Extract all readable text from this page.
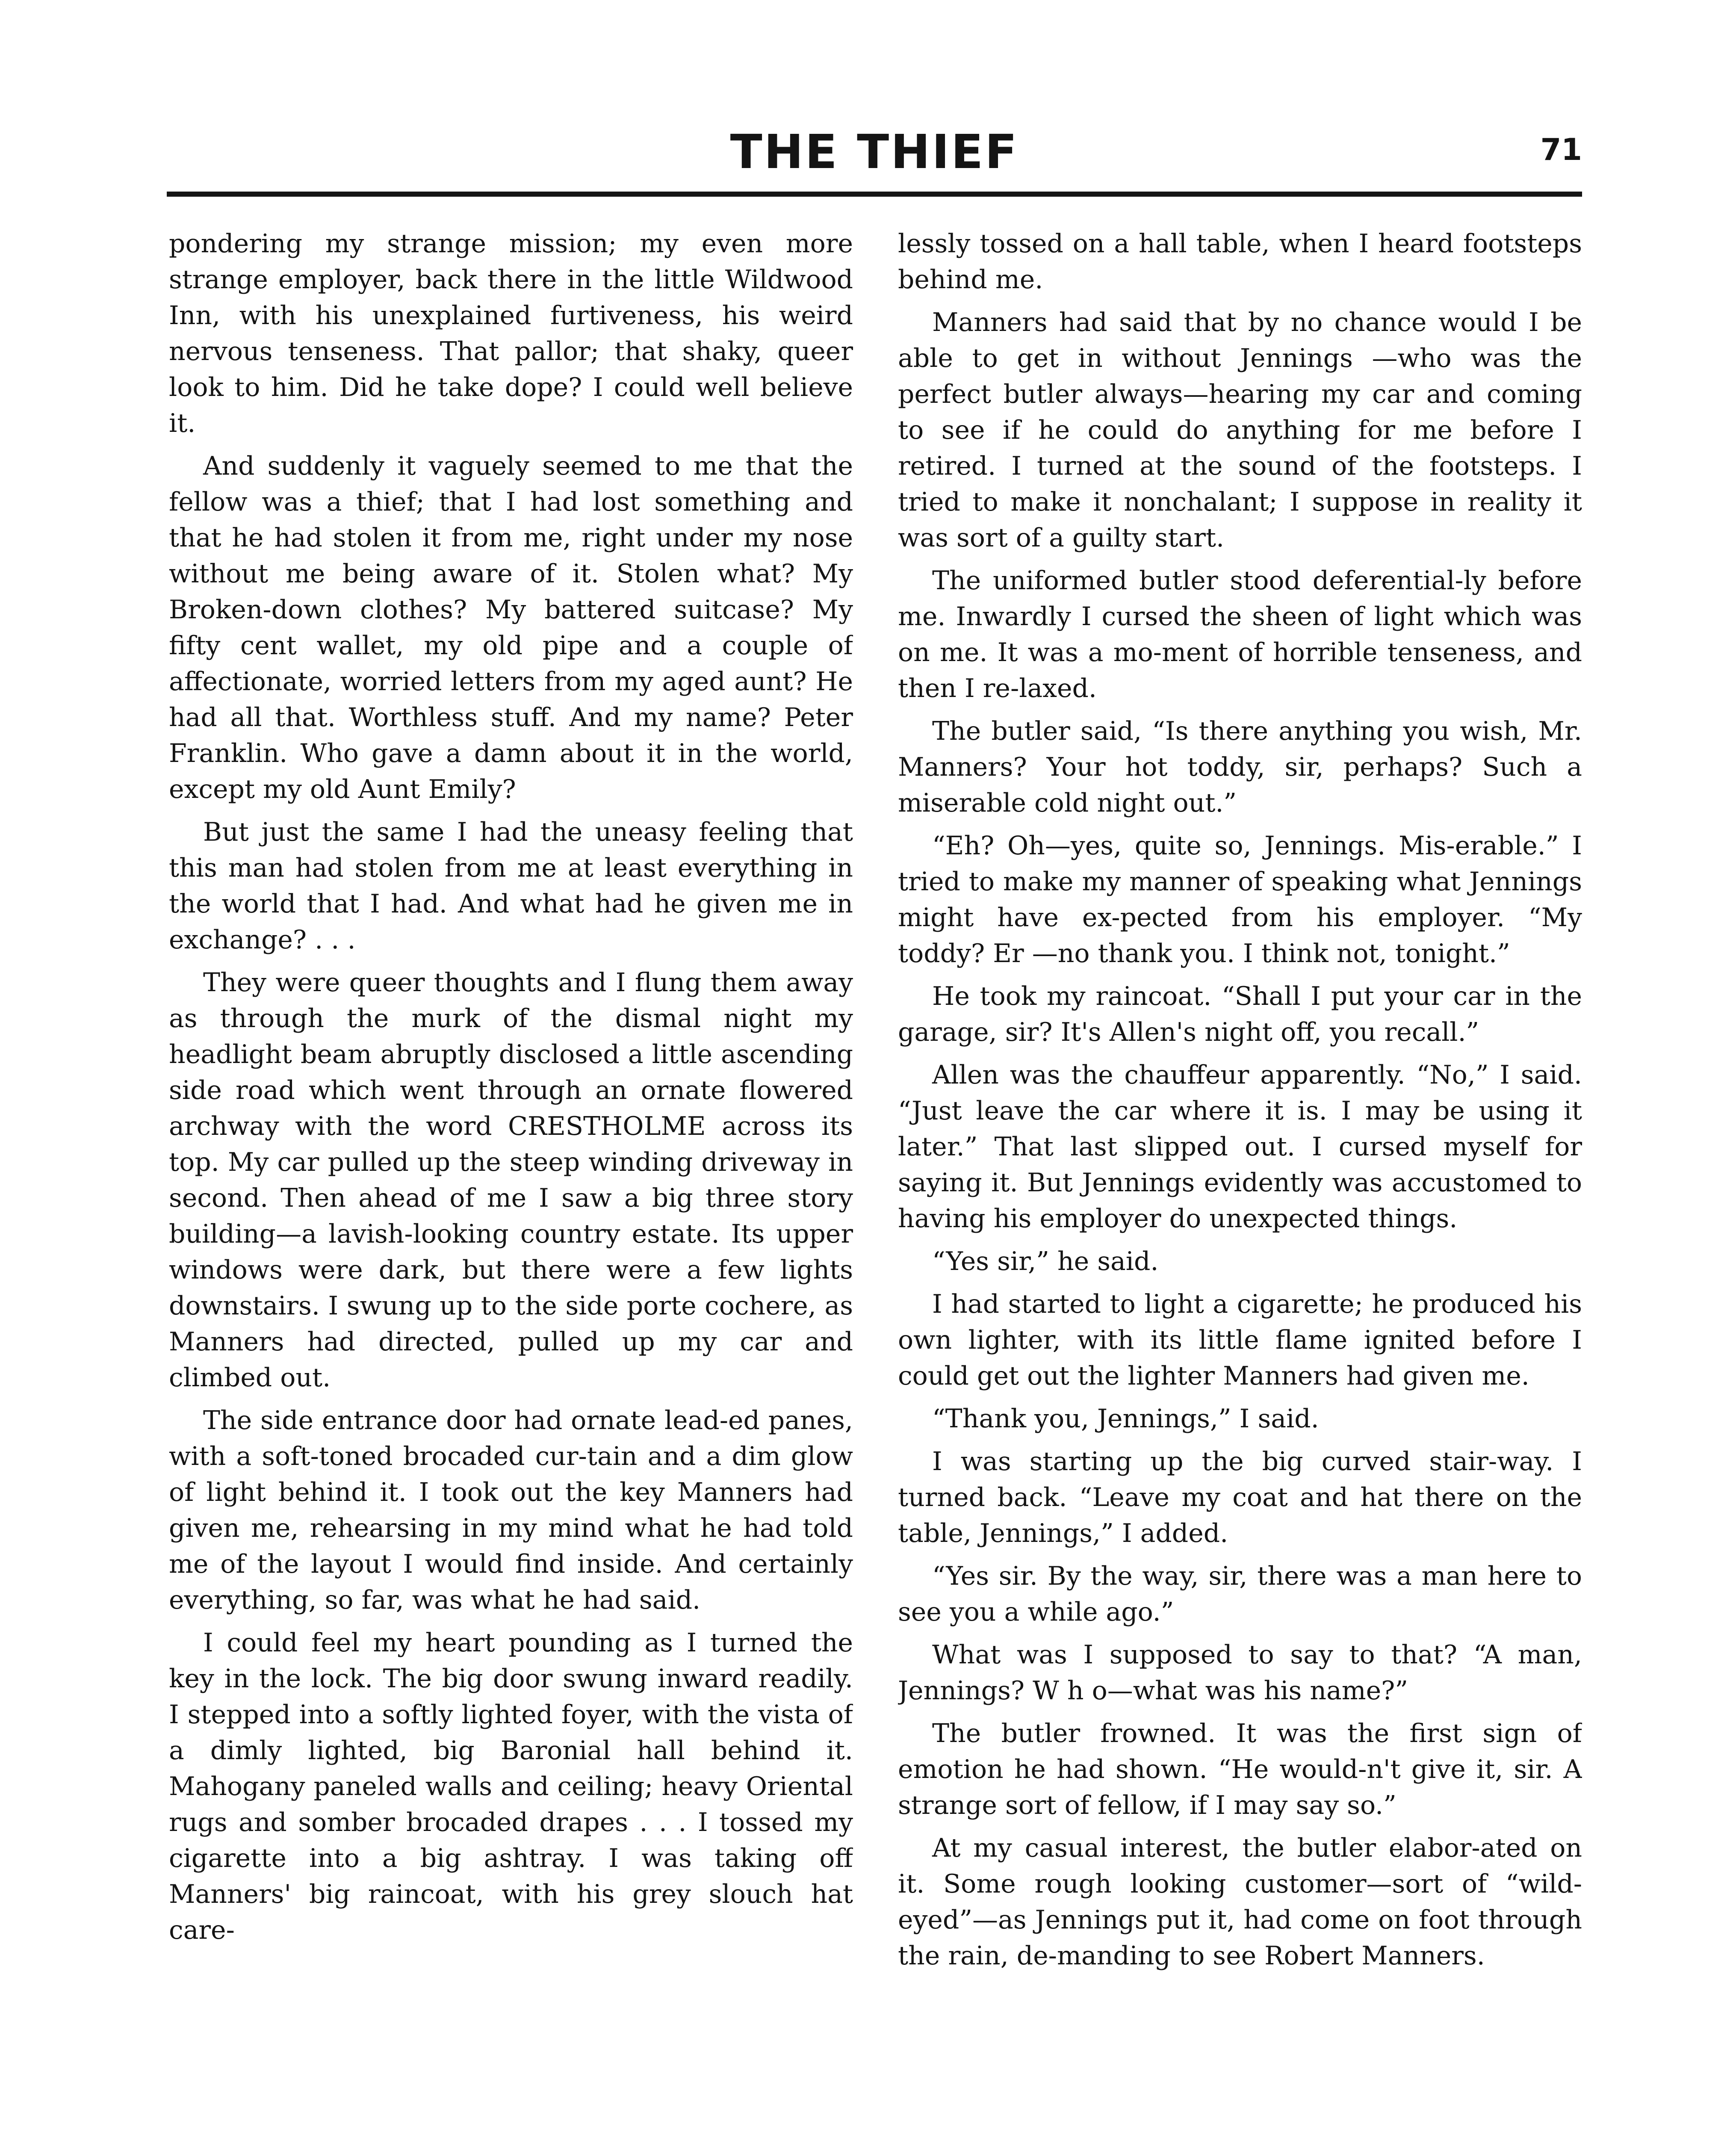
THE THIEF	71

pondering my strange mission; my even more strange employer, back there in the little Wildwood Inn, with his unexplained furtiveness, his weird nervous tenseness. That pallor; that shaky, queer look to him. Did he take dope? I could well believe it.

And suddenly it vaguely seemed to me that the fellow was a thief; that I had lost something and that he had stolen it from me, right under my nose without me being aware of it. Stolen what? My Broken-down clothes? My battered suitcase? My fifty cent wallet, my old pipe and a couple of affectionate, worried letters from my aged aunt? He had all that. Worthless stuff. And my name? Peter Franklin. Who gave a damn about it in the world, except my old Aunt Emily?

But just the same I had the uneasy feeling that this man had stolen from me at least everything in the world that I had. And what had he given me in exchange? . . .

They were queer thoughts and I flung them away as through the murk of the dismal night my headlight beam abruptly disclosed a little ascending side road which went through an ornate flowered archway with the word CRESTHOLME across its top. My car pulled up the steep winding driveway in second. Then ahead of me I saw a big three story building—a lavish-looking country estate. Its upper windows were dark, but there were a few lights downstairs. I swung up to the side porte cochere, as Manners had directed, pulled up my car and climbed out.

The side entrance door had ornate lead-ed panes, with a soft-toned brocaded cur-tain and a dim glow of light behind it. I took out the key Manners had given me, rehearsing in my mind what he had told me of the layout I would find inside. And certainly everything, so far, was what he had said.

I could feel my heart pounding as I turned the key in the lock. The big door swung inward readily. I stepped into a softly lighted foyer, with the vista of a dimly lighted, big Baronial hall behind it. Mahogany paneled walls and ceiling; heavy Oriental rugs and somber brocaded drapes . . . I tossed my cigarette into a big ashtray. I was taking off Manners' big raincoat, with his grey slouch hat care-

lessly tossed on a hall table, when I heard footsteps behind me.

Manners had said that by no chance would I be able to get in without Jennings —who was the perfect butler always—hearing my car and coming to see if he could do anything for me before I retired. I turned at the sound of the footsteps. I tried to make it nonchalant; I suppose in reality it was sort of a guilty start.

The uniformed butler stood deferential-ly before me. Inwardly I cursed the sheen of light which was on me. It was a mo-ment of horrible tenseness, and then I re-laxed.

The butler said, “Is there anything you wish, Mr. Manners? Your hot toddy, sir, perhaps? Such a miserable cold night out.”

“Eh? Oh—yes, quite so, Jennings. Mis-erable.” I tried to make my manner of speaking what Jennings might have ex-pected from his employer. “My toddy? Er —no thank you. I think not, tonight.”

He took my raincoat. “Shall I put your car in the garage, sir? It's Allen's night off, you recall.”

Allen was the chauffeur apparently. “No,” I said. “Just leave the car where it is. I may be using it later.” That last slipped out. I cursed myself for saying it. But Jennings evidently was accustomed to having his employer do unexpected things.

“Yes sir,” he said.

I had started to light a cigarette; he produced his own lighter, with its little flame ignited before I could get out the lighter Manners had given me.

“Thank you, Jennings,” I said.

I was starting up the big curved stair-way. I turned back. “Leave my coat and hat there on the table, Jennings,” I added.

“Yes sir. By the way, sir, there was a man here to see you a while ago.”

What was I supposed to say to that? “A man, Jennings? W h o—what was his name?”

The butler frowned. It was the first sign of emotion he had shown. “He would-n't give it, sir. A strange sort of fellow, if I may say so.”

At my casual interest, the butler elabor-ated on it. Some rough looking customer—sort of “wild-eyed”—as Jennings put it, had come on foot through the rain, de-manding to see Robert Manners.
